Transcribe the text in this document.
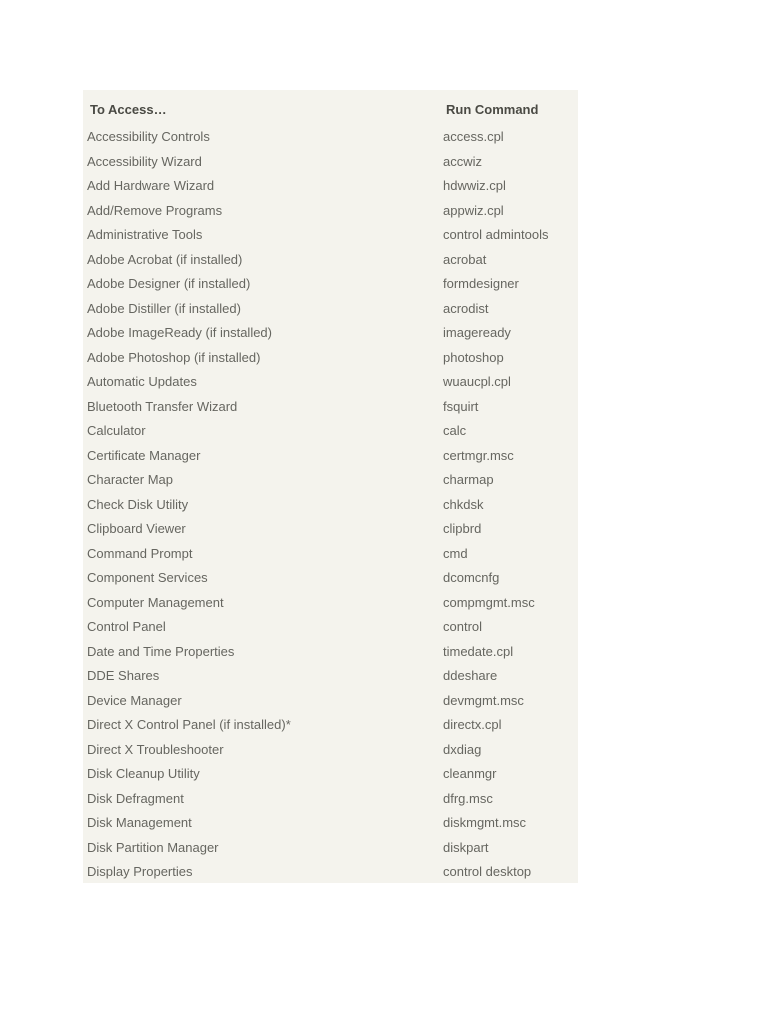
To Access…	Run Command
Accessibility Controls	access.cpl
Accessibility Wizard	accwiz
Add Hardware Wizard	hdwwiz.cpl
Add/Remove Programs	appwiz.cpl
Administrative Tools	control admintools
Adobe Acrobat (if installed)	acrobat
Adobe Designer (if installed)	formdesigner
Adobe Distiller (if installed)	acrodist
Adobe ImageReady (if installed)	imageready
Adobe Photoshop (if installed)	photoshop
Automatic Updates	wuaucpl.cpl
Bluetooth Transfer Wizard	fsquirt
Calculator	calc
Certificate Manager	certmgr.msc
Character Map	charmap
Check Disk Utility	chkdsk
Clipboard Viewer	clipbrd
Command Prompt	cmd
Component Services	dcomcnfg
Computer Management	compmgmt.msc
Control Panel	control
Date and Time Properties	timedate.cpl
DDE Shares	ddeshare
Device Manager	devmgmt.msc
Direct X Control Panel (if installed)*	directx.cpl
Direct X Troubleshooter	dxdiag
Disk Cleanup Utility	cleanmgr
Disk Defragment	dfrg.msc
Disk Management	diskmgmt.msc
Disk Partition Manager	diskpart
Display Properties	control desktop
